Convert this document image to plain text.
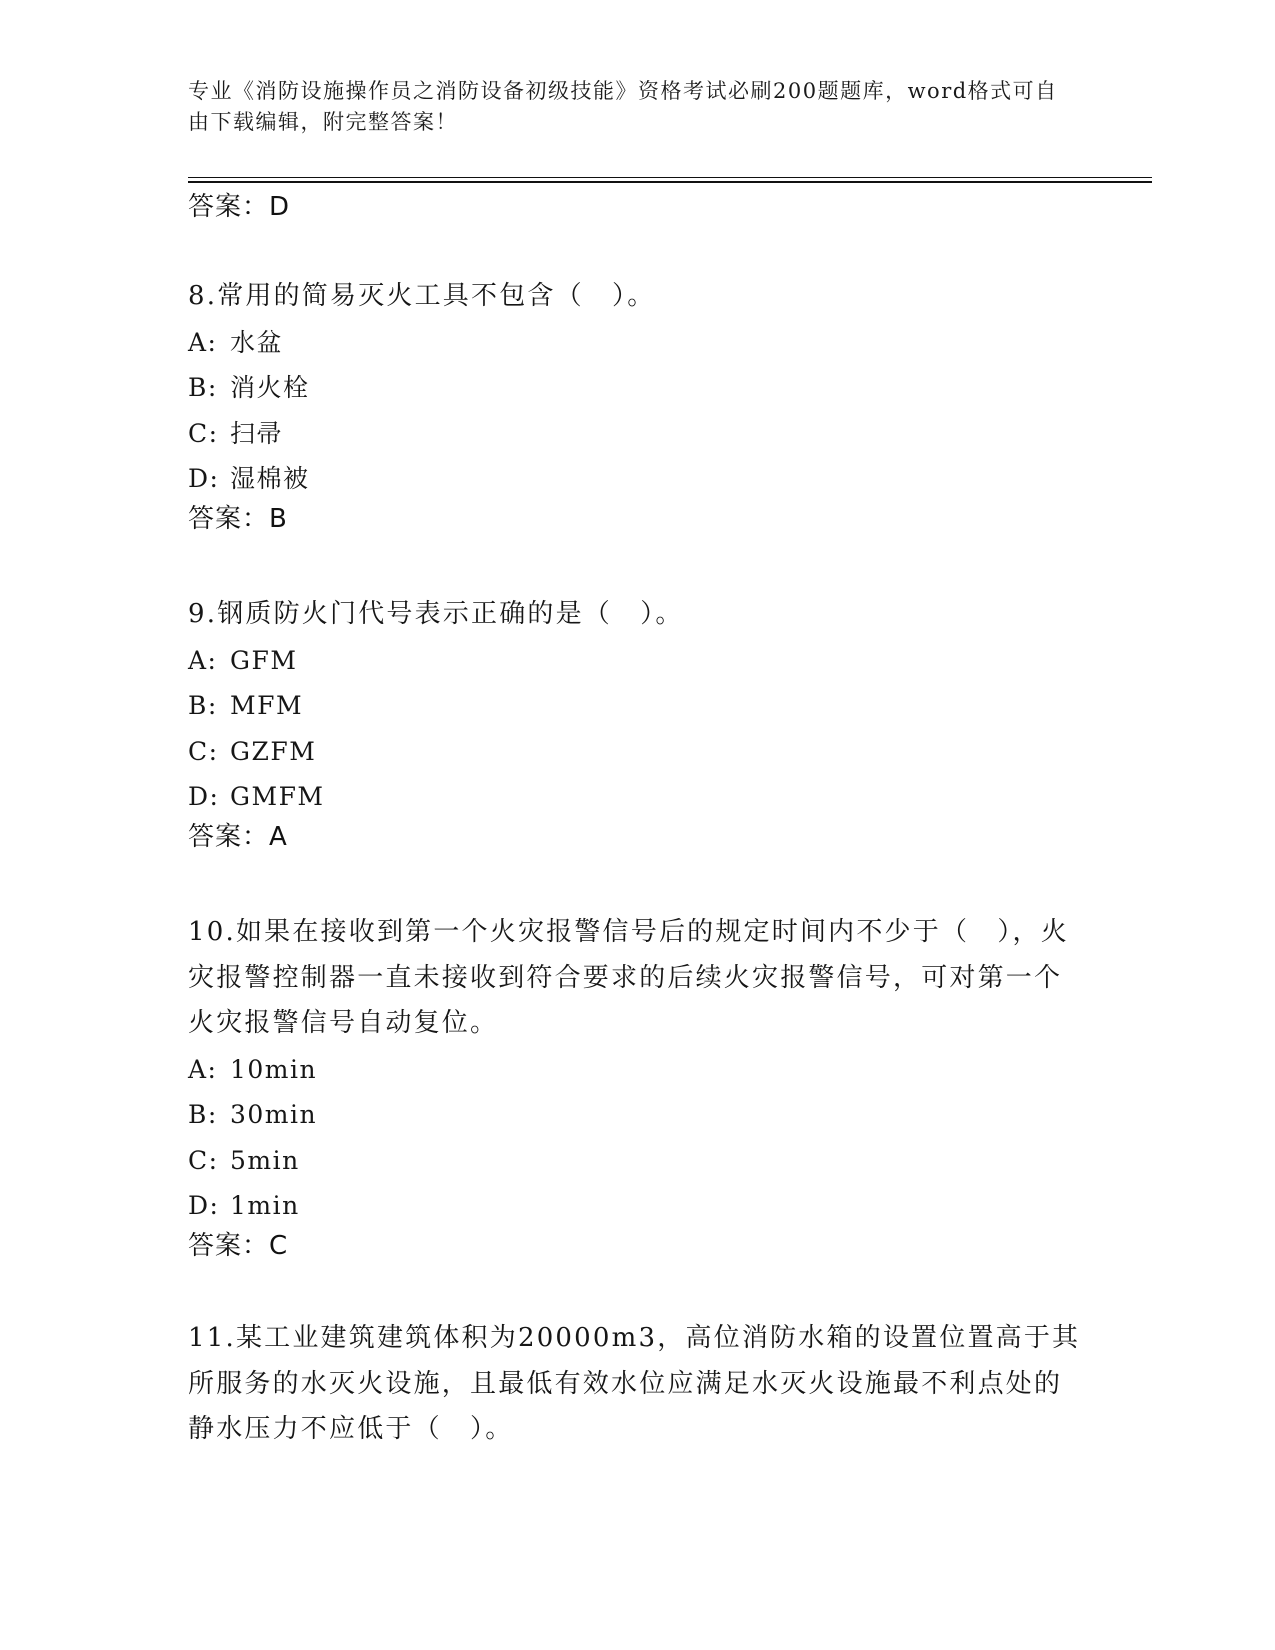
专业《消防设施操作员之消防设备初级技能》资格考试必刷200题题库，word格式可自由下载编辑，附完整答案！
答案：D

8.常用的简易灭火工具不包含（　）。

A: 水盆
B: 消火栓
C: 扫帚
D: 湿棉被
答案：B

9.钢质防火门代号表示正确的是（　）。

A: GFM
B: MFM
C: GZFM
D: GMFM
答案：A

10.如果在接收到第一个火灾报警信号后的规定时间内不少于（　），火灾报警控制器一直未接收到符合要求的后续火灾报警信号，可对第一个火灾报警信号自动复位。

A: 10min
B: 30min
C: 5min
D: 1min
答案：C

11.某工业建筑建筑体积为20000m3，高位消防水箱的设置位置高于其所服务的水灭火设施，且最低有效水位应满足水灭火设施最不利点处的静水压力不应低于（　）。
